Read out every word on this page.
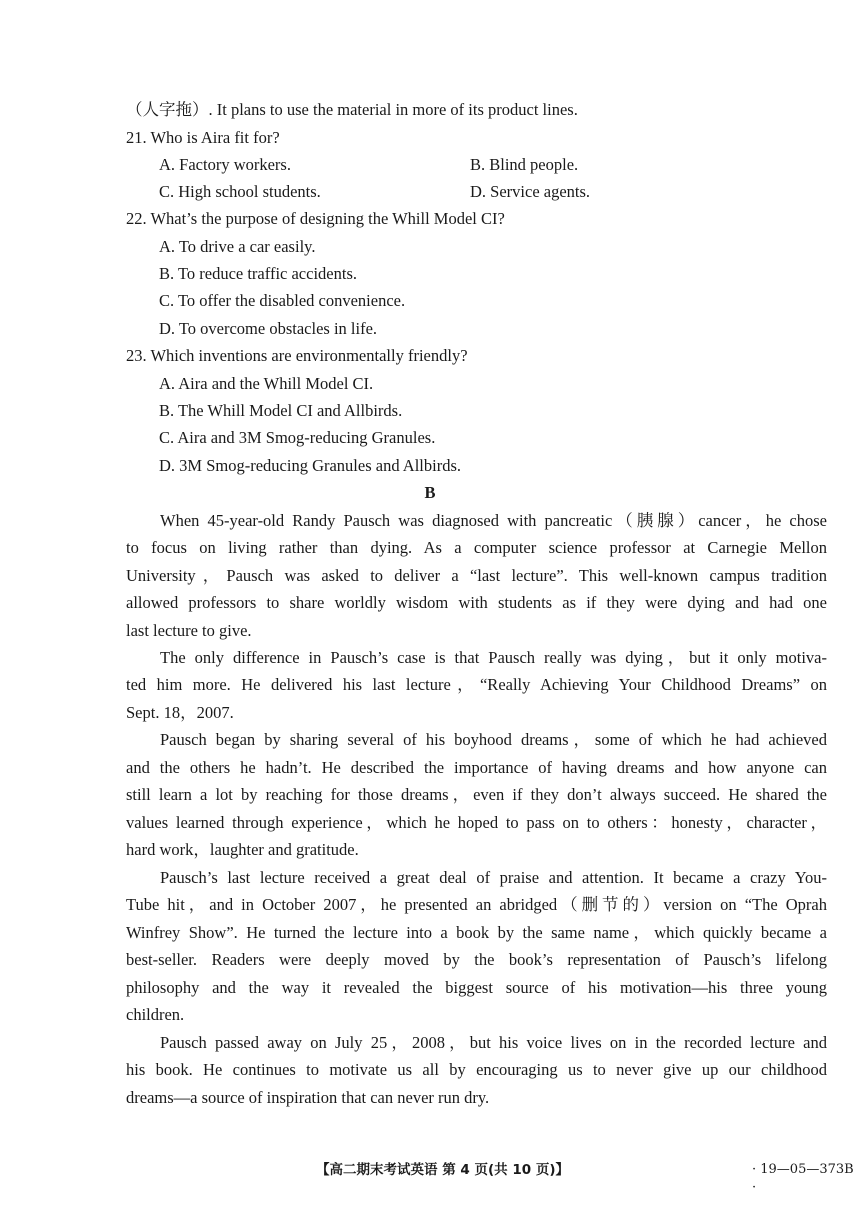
（人字拖）. It plans to use the material in more of its product lines.
21. Who is Aira fit for?
A. Factory workers.	B. Blind people.
C. High school students.	D. Service agents.
22. What’s the purpose of designing the Whill Model CI?
A. To drive a car easily.
B. To reduce traffic accidents.
C. To offer the disabled convenience.
D. To overcome obstacles in life.
23. Which inventions are environmentally friendly?
A. Aira and the Whill Model CI.
B. The Whill Model CI and Allbirds.
C. Aira and 3M Smog-reducing Granules.
D. 3M Smog-reducing Granules and Allbirds.
B
When 45-year-old Randy Pausch was diagnosed with pancreatic（胰腺）cancer，he chose
to focus on living rather than dying. As a computer science professor at Carnegie Mellon
University，Pausch was asked to deliver a “last lecture”. This well-known campus tradition
allowed professors to share worldly wisdom with students as if they were dying and had one
last lecture to give.
The only difference in Pausch’s case is that Pausch really was dying，but it only motiva-
ted him more. He delivered his last lecture，“Really Achieving Your Childhood Dreams” on
Sept. 18，2007.
Pausch began by sharing several of his boyhood dreams，some of which he had achieved
and the others he hadn’t. He described the importance of having dreams and how anyone can
still learn a lot by reaching for those dreams，even if they don’t always succeed. He shared the
values learned through experience，which he hoped to pass on to others：honesty，character，
hard work，laughter and gratitude.
Pausch’s last lecture received a great deal of praise and attention. It became a crazy You-
Tube hit，and in October 2007，he presented an abridged（删节的）version on “The Oprah
Winfrey Show”. He turned the lecture into a book by the same name，which quickly became a
best-seller. Readers were deeply moved by the book’s representation of Pausch’s lifelong
philosophy and the way it revealed the biggest source of his motivation—his three young
children.
Pausch passed away on July 25，2008，but his voice lives on in the recorded lecture and
his book. He continues to motivate us all by encouraging us to never give up our childhood
dreams—a source of inspiration that can never run dry.
【高二期末考试英语 第 4 页(共 10 页)】	· 19—05—373B ·
